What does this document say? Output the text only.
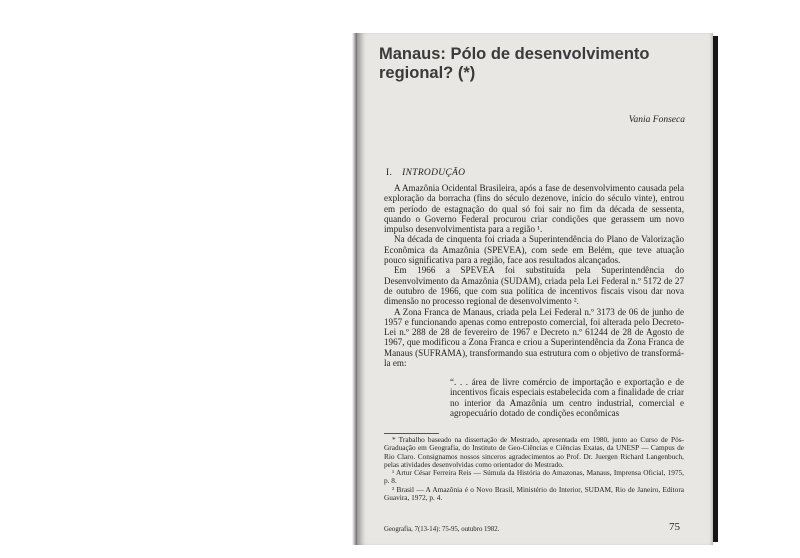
Manaus: Pólo de desenvolvimento regional? (*)

Vania Fonseca

I. INTRODUÇÃO

A Amazônia Ocidental Brasileira, após a fase de desenvolvimento causada pela exploração da borracha (fins do século dezenove, início do século vinte), entrou em período de estagnação do qual só foi sair no fim da década de sessenta, quando o Governo Federal procurou criar condições que gerassem um novo impulso desenvolvimentista para a região ¹.

Na década de cinquenta foi criada a Superintendência do Plano de Valorização Econômica da Amazônia (SPEVEA), com sede em Belém, que teve atuação pouco significativa para a região, face aos resultados alcançados.

Em 1966 a SPEVEA foi substituída pela Superintendência do Desenvolvimento da Amazônia (SUDAM), criada pela Lei Federal n.º 5172 de 27 de outubro de 1966, que com sua política de incentivos fiscais visou dar nova dimensão no processo regional de desenvolvimento ².

A Zona Franca de Manaus, criada pela Lei Federal n.º 3173 de 06 de junho de 1957 e funcionando apenas como entreposto comercial, foi alterada pelo Decreto-Lei n.º 288 de 28 de fevereiro de 1967 e Decreto n.º 61244 de 28 de Agosto de 1967, que modificou a Zona Franca e criou a Superintendência da Zona Franca de Manaus (SUFRAMA), transformando sua estrutura com o objetivo de transformá-la em:

“. . . área de livre comércio de importação e exportação e de incentivos ficais especiais estabelecida com a finalidade de criar no interior da Amazônia um centro industrial, comercial e agropecuário dotado de condições econômicas

* Trabalho baseado na dissertação de Mestrado, apresentada em 1980, junto ao Curso de Pós-Graduação em Geografia, do Instituto de Geo-Ciências e Ciências Exatas, da UNESP — Campus de Rio Claro. Consignamos nossos sinceros agradecimentos ao Prof. Dr. Juergen Richard Langenbuch, pelas atividades desenvolvidas como orientador do Mestrado.

¹ Artur César Ferreira Reis — Súmula da História do Amazonas, Manaus, Imprensa Oficial, 1975, p. 8.

² Brasil — A Amazônia é o Novo Brasil, Ministério do Interior, SUDAM, Rio de Janeiro, Editora Guavira, 1972, p. 4.

Geografia, 7(13-14): 75-95, outubro 1982.	75
